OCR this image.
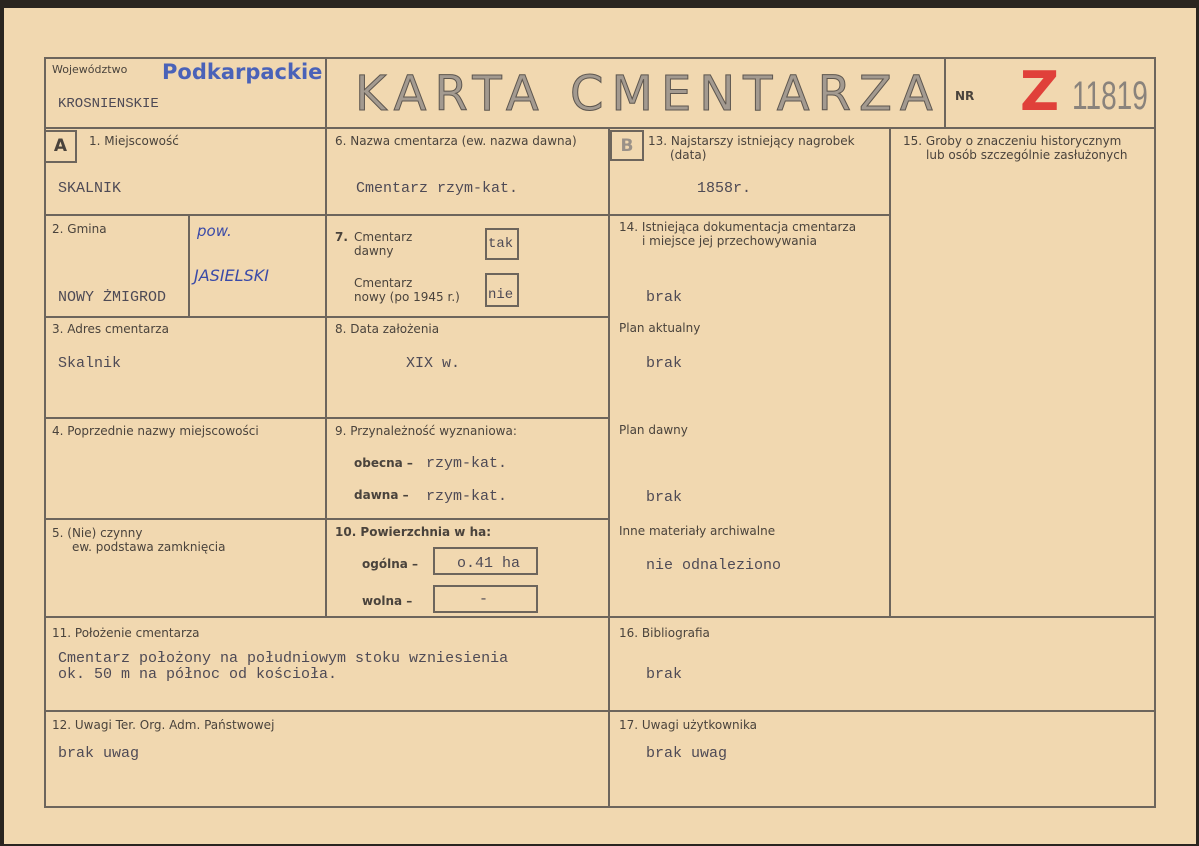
Województwo Podkarpackie
KROSNIENSKIE	KARTA CMENTARZA NR Z 11819
A	1. Miejscowość
SKALNIK
2. Gmina
NOWY ŻMIGROD
pow.
JASIELSKI
3. Adres cmentarza
Skalnik
4. Poprzednie nazwy miejscowości
5. (Nie) czynny
ew. podstawa zamknięcia
6. Nazwa cmentarza (ew. nazwa dawna)
Cmentarz rzym-kat.
7. Cmentarz
dawny	tak
Cmentarz
nowy (po 1945 r.) nie
8. Data założenia
XIX w.
9. Przynależność wyznaniowa:
obecna – rzym-kat.
dawna – rzym-kat.
10. Powierzchnia w ha:
ogólna –	o.41 ha
wolna –	-
11. Położenie cmentarza
Cmentarz położony na południowym stoku wzniesienia
ok. 50 m na północ od kościoła.
12. Uwagi Ter. Org. Adm. Państwowej
brak uwag
B	13. Najstarszy istniejący nagrobek
(data)
1858r.
14. Istniejąca dokumentacja cmentarza
i miejsce jej przechowywania
brak
Plan aktualny
brak
Plan dawny
brak
Inne materiały archiwalne
nie odnaleziono
15. Groby o znaczeniu historycznym
lub osób szczególnie zasłużonych
16. Bibliografia
brak
17. Uwagi użytkownika
brak uwag
